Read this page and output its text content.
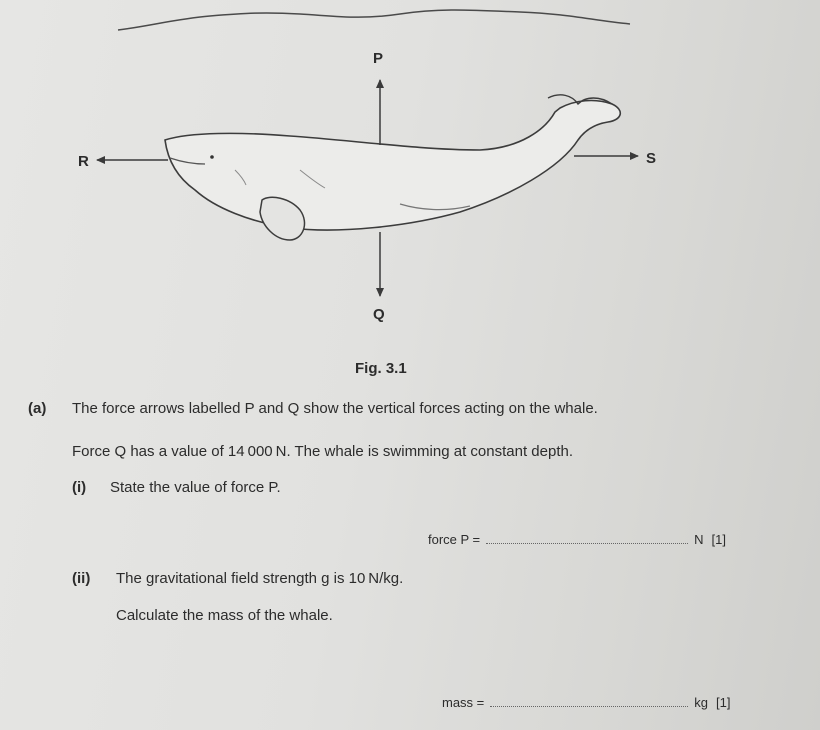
P
R	S
Q
Fig. 3.1
(a) The force arrows labelled P and Q show the vertical forces acting on the whale.
Force Q has a value of 14 000 N. The whale is swimming at constant depth.
(i) State the value of force P.
force P =	N [1]
(ii) The gravitational field strength g is 10 N/kg.
Calculate the mass of the whale.
mass =	kg [1]
